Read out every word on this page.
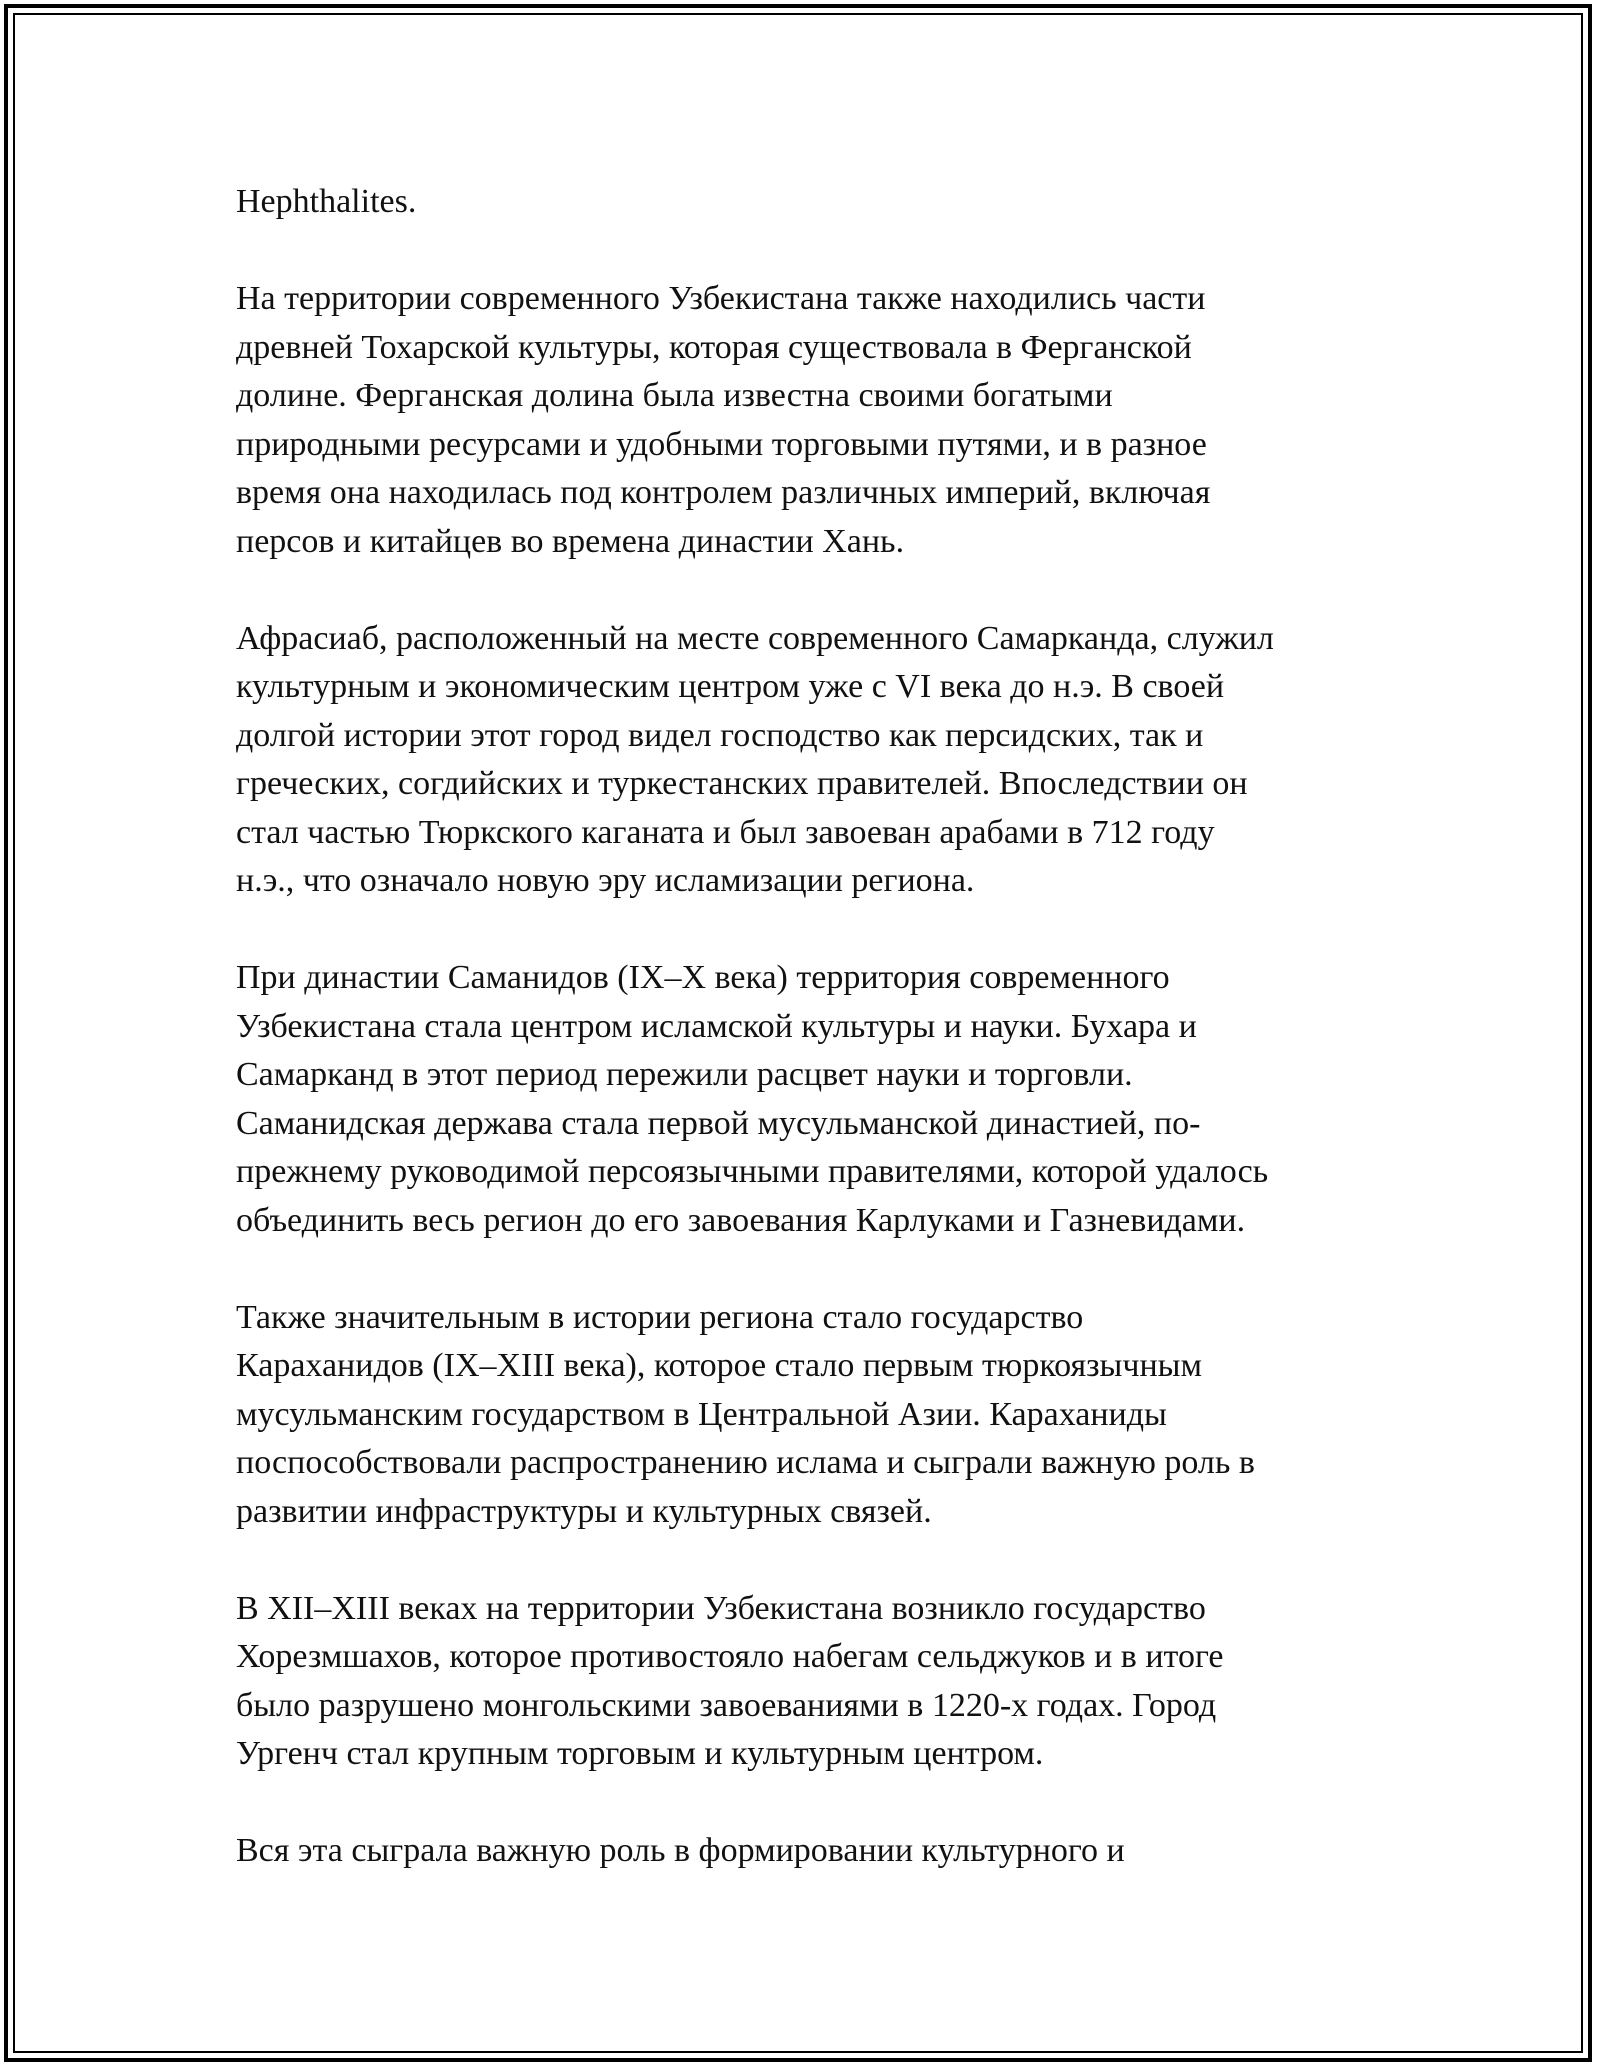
Hephthalites.
На территории современного Узбекистана также находились части
древней Тохарской культуры, которая существовала в Ферганской
долине. Ферганская долина была известна своими богатыми
природными ресурсами и удобными торговыми путями, и в разное
время она находилась под контролем различных империй, включая
персов и китайцев во времена династии Хань.
Афрасиаб, расположенный на месте современного Самарканда, служил
культурным и экономическим центром уже с VI века до н.э. В своей
долгой истории этот город видел господство как персидских, так и
греческих, согдийских и туркестанских правителей. Впоследствии он
стал частью Тюркского каганата и был завоеван арабами в 712 году
н.э., что означало новую эру исламизации региона.
При династии Саманидов (IX–X века) территория современного
Узбекистана стала центром исламской культуры и науки. Бухара и
Самарканд в этот период пережили расцвет науки и торговли.
Саманидская держава стала первой мусульманской династией, по-
прежнему руководимой персоязычными правителями, которой удалось
объединить весь регион до его завоевания Карлуками и Газневидами.
Также значительным в истории региона стало государство
Караханидов (IX–XIII века), которое стало первым тюркоязычным
мусульманским государством в Центральной Азии. Караханиды
поспособствовали распространению ислама и сыграли важную роль в
развитии инфраструктуры и культурных связей.
В XII–XIII веках на территории Узбекистана возникло государство
Хорезмшахов, которое противостояло набегам сельджуков и в итоге
было разрушено монгольскими завоеваниями в 1220-х годах. Город
Ургенч стал крупным торговым и культурным центром.
Вся эта сыграла важную роль в формировании культурного и
